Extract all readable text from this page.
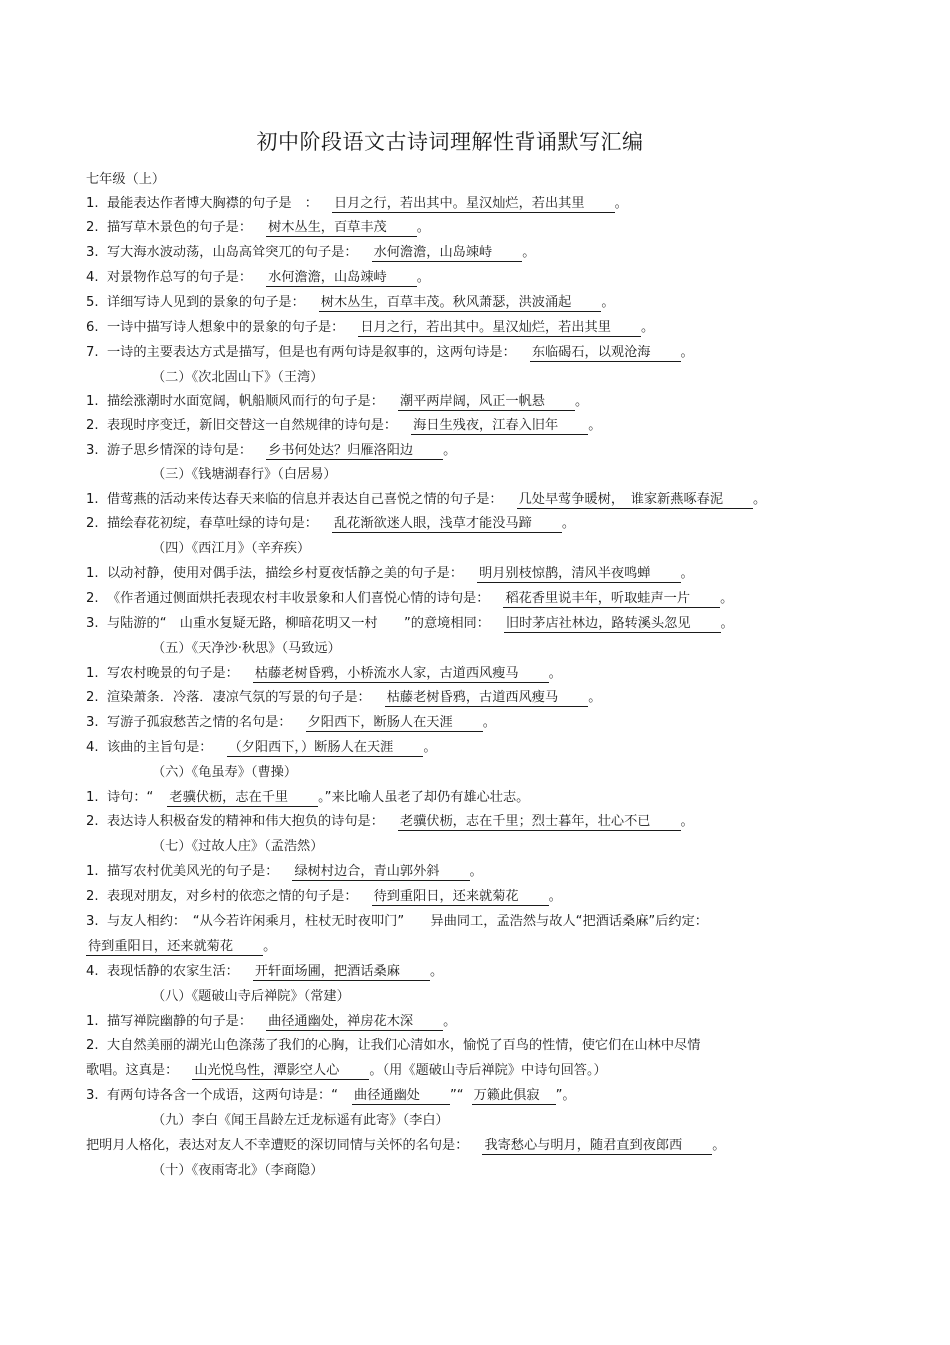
初中阶段语文古诗词理解性背诵默写汇编
七年级（上）
1. 最能表达作者博大胸襟的句子是　： 日月之行，若出其中。星汉灿烂，若出其里 。
2. 描写草木景色的句子是： 树木丛生，百草丰茂 。
3. 写大海水波动荡，山岛高耸突兀的句子是： 水何澹澹，山岛竦峙 。
4. 对景物作总写的句子是： 水何澹澹，山岛竦峙 。
5. 详细写诗人见到的景象的句子是： 树木丛生，百草丰茂。秋风萧瑟，洪波涌起 。
6. 一诗中描写诗人想象中的景象的句子是： 日月之行，若出其中。星汉灿烂，若出其里 。
7. 一诗的主要表达方式是描写，但是也有两句诗是叙事的，这两句诗是： 东临碣石，以观沧海 。
（二）《次北固山下》（王湾）
1. 描绘涨潮时水面宽阔，帆船顺风而行的句子是： 潮平两岸阔，风正一帆悬 。
2. 表现时序变迁，新旧交替这一自然规律的诗句是： 海日生残夜，江春入旧年 。
3. 游子思乡情深的诗句是： 乡书何处达？归雁洛阳边 。
（三）《钱塘湖春行》（白居易）
1. 借莺燕的活动来传达春天来临的信息并表达自己喜悦之情的句子是： 几处早莺争暖树，　谁家新燕啄春泥 。
2. 描绘春花初绽，春草吐绿的诗句是： 乱花渐欲迷人眼，浅草才能没马蹄 。
（四）《西江月》（辛弃疾）
1. 以动衬静，使用对偶手法，描绘乡村夏夜恬静之美的句子是： 明月别枝惊鹊，清风半夜鸣蝉 。
2. 《作者通过侧面烘托表现农村丰收景象和人们喜悦心情的诗句是： 稻花香里说丰年，听取蛙声一片 。
3. 与陆游的“　山重水复疑无路，柳暗花明又一村　　”的意境相同： 旧时茅店社林边，路转溪头忽见 。
（五）《天净沙·秋思》（马致远）
1. 写农村晚景的句子是： 枯藤老树昏鸦，小桥流水人家，古道西风瘦马 。
2. 渲染萧条．冷落．凄凉气氛的写景的句子是： 枯藤老树昏鸦，古道西风瘦马 。
3. 写游子孤寂愁苦之情的名句是： 夕阳西下，断肠人在天涯 。
4. 该曲的主旨句是： （夕阳西下，）断肠人在天涯 。
（六）《龟虽寿》（曹操）
1. 诗句：“ 老骥伏枥，志在千里 。”来比喻人虽老了却仍有雄心壮志。
2. 表达诗人积极奋发的精神和伟大抱负的诗句是： 老骥伏枥，志在千里；烈士暮年，壮心不已 。
（七）《过故人庄》（孟浩然）
1. 描写农村优美风光的句子是： 绿树村边合，青山郭外斜 。
2. 表现对朋友，对乡村的依恋之情的句子是： 待到重阳日，还来就菊花 。
3. 与友人相约：　“从今若许闲乘月，柱杖无时夜叩门”　　异曲同工，孟浩然与故人“把酒话桑麻”后约定：
待到重阳日，还来就菊花 。
4. 表现恬静的农家生活： 开轩面场圃，把酒话桑麻 。
（八）《题破山寺后禅院》（常建）
1. 描写禅院幽静的句子是： 曲径通幽处，禅房花木深 。
2. 大自然美丽的湖光山色涤荡了我们的心胸，让我们心清如水，愉悦了百鸟的性情，使它们在山林中尽情
歌唱。这真是： 山光悦鸟性，潭影空人心 。（用《题破山寺后禅院》中诗句回答。）
3. 有两句诗各含一个成语，这两句诗是：“ 曲径通幽处 ”“ 万籁此俱寂 ”。
（九）李白《闻王昌龄左迁龙标遥有此寄》（李白）
把明月人格化，表达对友人不幸遭贬的深切同情与关怀的名句是： 我寄愁心与明月，随君直到夜郎西 。
（十）《夜雨寄北》（李商隐）
